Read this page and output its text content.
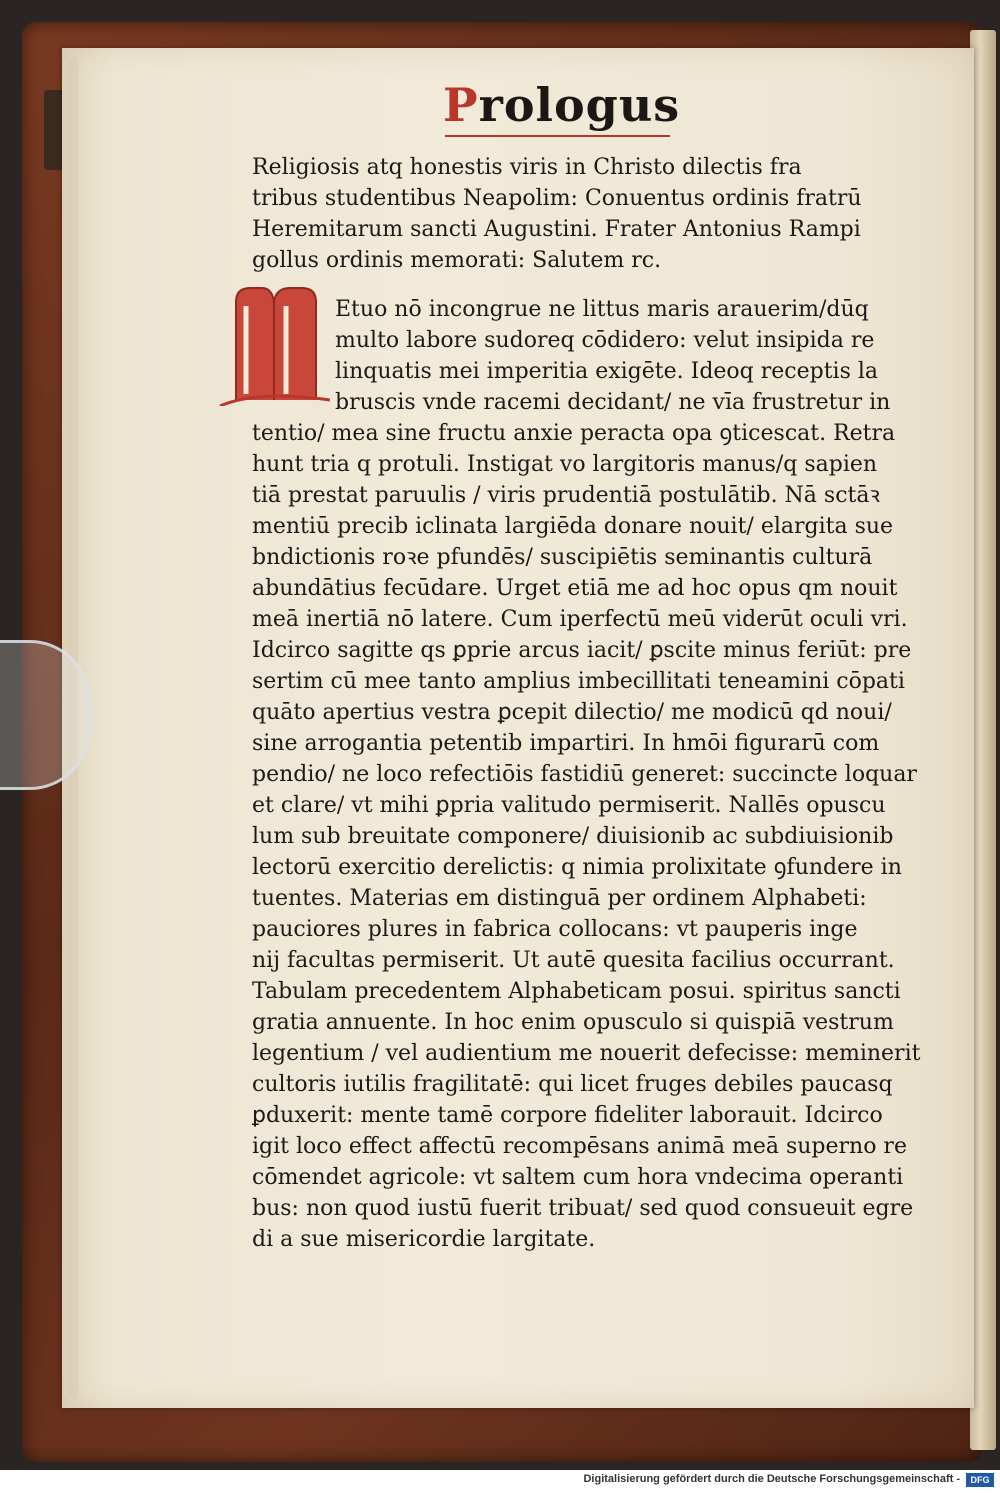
Prologus
Religiosis atq honestis viris in Christo dilectis fra
tribus studentibus Neapolim: Conuentus ordinis fratrū
Heremitarum sancti Augustini. Frater Antonius Rampi
gollus ordinis memorati: Salutem rc.
Etuo nō incongrue ne littus maris arauerim/dūq
multo labore sudoreq cōdidero: velut insipida re
linquatis mei imperitia exigēte. Ideoq receptis la
bruscis vnde racemi decidant/ ne vīa frustretur in
tentio/ mea sine fructu anxie peracta opa ꝯticescat. Retra
hunt tria q protuli. Instigat vo largitoris manus/q sapien
tiā prestat paruulis / viris prudentiā postulātib. Nā sctāꝛ
mentiū precib iclinata largiēda donare nouit/ elargita sue
bndictionis roꝛe pfundēs/ suscipiētis seminantis culturā
abundātius fecūdare. Urget etiā me ad hoc opus qm nouit
meā inertiā nō latere. Cum iperfectū meū viderūt oculi vri.
Idcirco sagitte qs ꝑprie arcus iacit/ ꝑscite minus feriūt: pre
sertim cū mee tanto amplius imbecillitati teneamini cōpati
quāto apertius vestra ꝑcepit dilectio/ me modicū qd noui/
sine arrogantia petentib impartiri. In hmōi figurarū com
pendio/ ne loco refectiōis fastidiū generet: succincte loquar
et clare/ vt mihi ꝑpria valitudo permiserit. Nallēs opuscu
lum sub breuitate componere/ diuisionib ac subdiuisionib
lectorū exercitio derelictis: q nimia prolixitate ꝯfundere in
tuentes. Materias em distinguā per ordinem Alphabeti:
pauciores plures in fabrica collocans: vt pauperis inge
nij facultas permiserit. Ut autē quesita facilius occurrant.
Tabulam precedentem Alphabeticam posui. spiritus sancti
gratia annuente. In hoc enim opusculo si quispiā vestrum
legentium / vel audientium me nouerit defecisse: meminerit
cultoris iutilis fragilitatē: qui licet fruges debiles paucasq
ꝑduxerit: mente tamē corpore fideliter laborauit. Idcirco
igit loco effect affectū recompēsans animā meā superno re
cōmendet agricole: vt saltem cum hora vndecima operanti
bus: non quod iustū fuerit tribuat/ sed quod consueuit egre
di a sue misericordie largitate.
Digitalisierung gefördert durch die Deutsche Forschungsgemeinschaft -	DFG
